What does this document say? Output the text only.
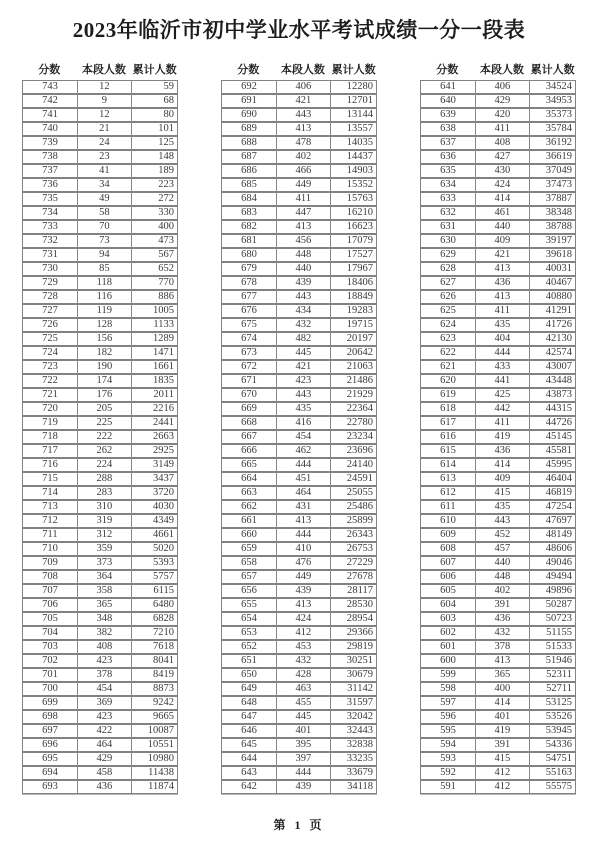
2023年临沂市初中学业水平考试成绩一分一段表
分数	本段人数 累计人数
743	12	59
742	9	68
741	12	80
740	21	101
739	24	125
738	23	148
737	41	189
736	34	223
735	49	272
734	58	330
733	70	400
732	73	473
731	94	567
730	85	652
729	118	770
728	116	886
727	119	1005
726	128	1133
725	156	1289
724	182	1471
723	190	1661
722	174	1835
721	176	2011
720	205	2216
719	225	2441
718	222	2663
717	262	2925
716	224	3149
715	288	3437
714	283	3720
713	310	4030
712	319	4349
711	312	4661
710	359	5020
709	373	5393
708	364	5757
707	358	6115
706	365	6480
705	348	6828
704	382	7210
703	408	7618
702	423	8041
701	378	8419
700	454	8873
699	369	9242
698	423	9665
697	422	10087
696	464	10551
695	429	10980
694	458	11438
693	436	11874
分数	本段人数 累计人数
692	406	12280
691	421	12701
690	443	13144
689	413	13557
688	478	14035
687	402	14437
686	466	14903
685	449	15352
684	411	15763
683	447	16210
682	413	16623
681	456	17079
680	448	17527
679	440	17967
678	439	18406
677	443	18849
676	434	19283
675	432	19715
674	482	20197
673	445	20642
672	421	21063
671	423	21486
670	443	21929
669	435	22364
668	416	22780
667	454	23234
666	462	23696
665	444	24140
664	451	24591
663	464	25055
662	431	25486
661	413	25899
660	444	26343
659	410	26753
658	476	27229
657	449	27678
656	439	28117
655	413	28530
654	424	28954
653	412	29366
652	453	29819
651	432	30251
650	428	30679
649	463	31142
648	455	31597
647	445	32042
646	401	32443
645	395	32838
644	397	33235
643	444	33679
642	439	34118
分数	本段人数 累计人数
641	406	34524
640	429	34953
639	420	35373
638	411	35784
637	408	36192
636	427	36619
635	430	37049
634	424	37473
633	414	37887
632	461	38348
631	440	38788
630	409	39197
629	421	39618
628	413	40031
627	436	40467
626	413	40880
625	411	41291
624	435	41726
623	404	42130
622	444	42574
621	433	43007
620	441	43448
619	425	43873
618	442	44315
617	411	44726
616	419	45145
615	436	45581
614	414	45995
613	409	46404
612	415	46819
611	435	47254
610	443	47697
609	452	48149
608	457	48606
607	440	49046
606	448	49494
605	402	49896
604	391	50287
603	436	50723
602	432	51155
601	378	51533
600	413	51946
599	365	52311
598	400	52711
597	414	53125
596	401	53526
595	419	53945
594	391	54336
593	415	54751
592	412	55163
591	412	55575
第 1 页
